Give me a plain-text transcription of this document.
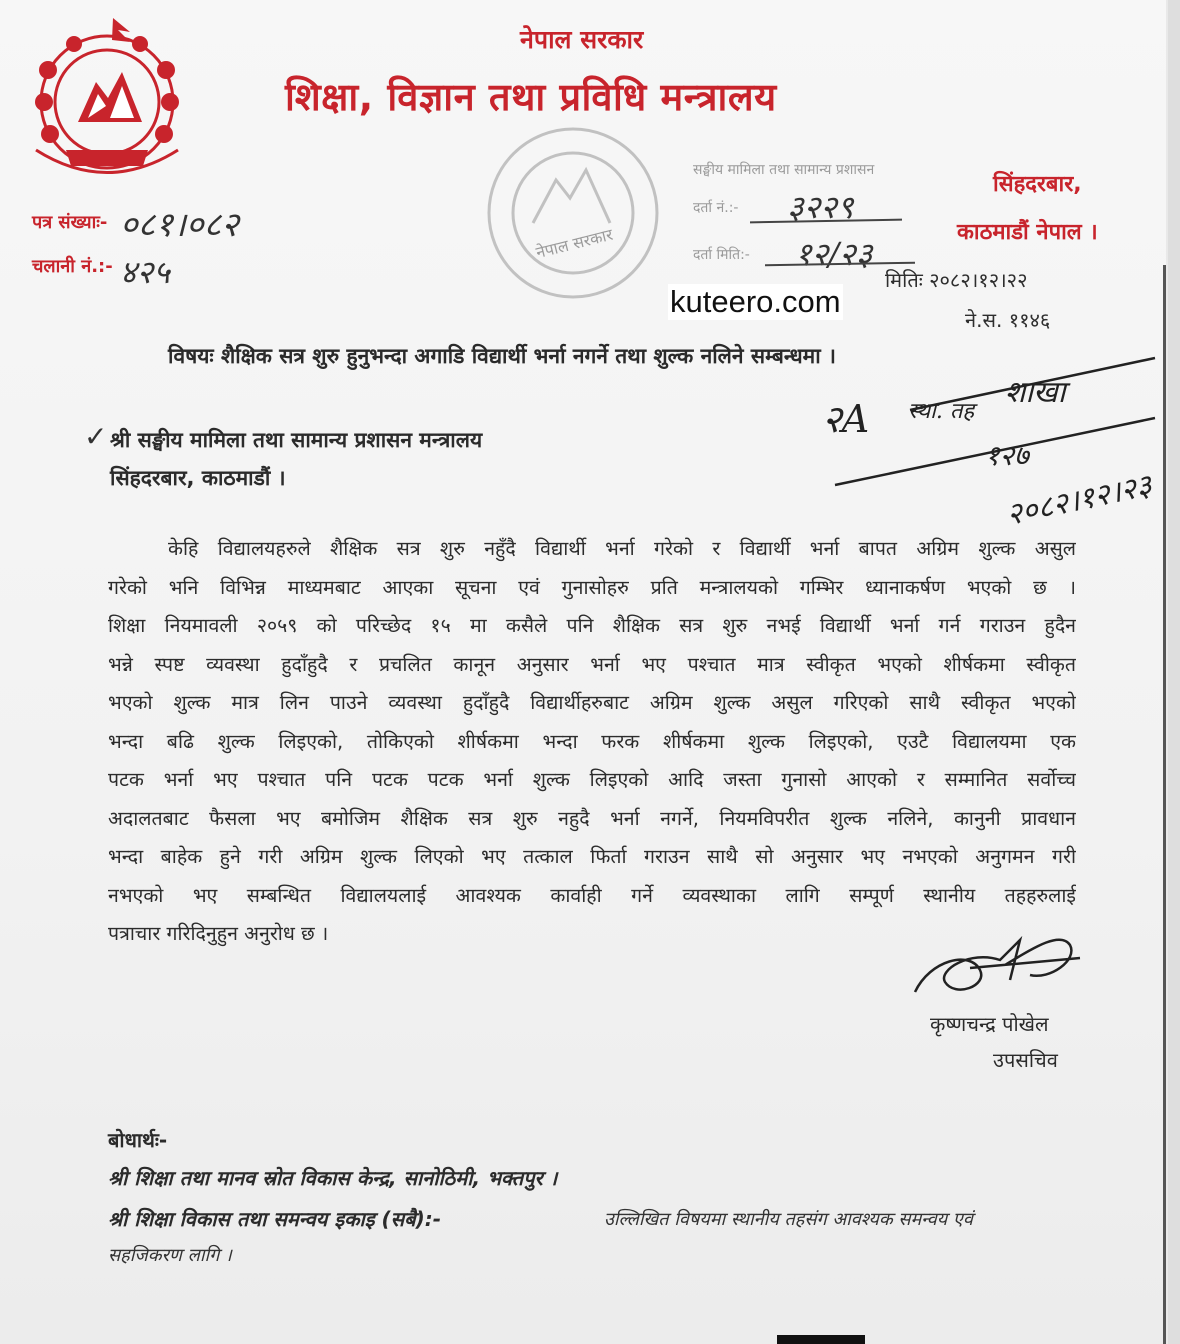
नेपाल सरकार
शिक्षा, विज्ञान तथा प्रविधि मन्त्रालय
सिंहदरबार,
काठमाडौं नेपाल ।
पत्र संख्याः- ०८१।०८२
चलानी नं.:- ४२५
नेपाल सरकार
सङ्घीय मामिला तथा सामान्य प्रशासन
दर्ता नं.:- ३२२९
दर्ता मिति:- १२/२३
मितिः २०८२।१२।२२
ने.स. ११४६
kuteero.com
विषयः शैक्षिक सत्र शुरु हुनुभन्दा अगाडि विद्यार्थी भर्ना नगर्ने तथा शुल्क नलिने सम्बन्धमा ।
✓ श्री सङ्घीय मामिला तथा सामान्य प्रशासन मन्त्रालय
सिंहदरबार, काठमाडौं ।
२A स्था. तह
शाखा
१२७
२०८२।१२।२३
केहि विद्यालयहरुले शैक्षिक सत्र शुरु नहुँदै विद्यार्थी भर्ना गरेको र विद्यार्थी भर्ना बापत अग्रिम शुल्क असुल
गरेको भनि विभिन्न माध्यमबाट आएका सूचना एवं गुनासोहरु प्रति मन्त्रालयको गम्भिर ध्यानाकर्षण भएको छ ।
शिक्षा नियमावली २०५९ को परिच्छेद १५ मा कसैले पनि शैक्षिक सत्र शुरु नभई विद्यार्थी भर्ना गर्न गराउन हुदैन
भन्ने स्पष्ट व्यवस्था हुदाँहुदै र प्रचलित कानून अनुसार भर्ना भए पश्चात मात्र स्वीकृत भएको शीर्षकमा स्वीकृत
भएको शुल्क मात्र लिन पाउने व्यवस्था हुदाँहुदै विद्यार्थीहरुबाट अग्रिम शुल्क असुल गरिएको साथै स्वीकृत भएको
भन्दा बढि शुल्क लिइएको, तोकिएको शीर्षकमा भन्दा फरक शीर्षकमा शुल्क लिइएको, एउटै विद्यालयमा एक
पटक भर्ना भए पश्चात पनि पटक पटक भर्ना शुल्क लिइएको आदि जस्ता गुनासो आएको र सम्मानित सर्वोच्च
अदालतबाट फैसला भए बमोजिम शैक्षिक सत्र शुरु नहुदै भर्ना नगर्ने, नियमविपरीत शुल्क नलिने, कानुनी प्रावधान
भन्दा बाहेक हुने गरी अग्रिम शुल्क लिएको भए तत्काल फिर्ता गराउन साथै सो अनुसार भए नभएको अनुगमन गरी
नभएको भए सम्बन्धित विद्यालयलाई आवश्यक कार्वाही गर्ने व्यवस्थाका लागि सम्पूर्ण स्थानीय तहहरुलाई
पत्राचार गरिदिनुहुन अनुरोध छ ।
कृष्णचन्द्र पोखेल
उपसचिव
बोधार्थः-
श्री शिक्षा तथा मानव स्रोत विकास केन्द्र, सानोठिमी, भक्तपुर ।
श्री शिक्षा विकास तथा समन्वय इकाइ (सबै):-	उल्लिखित विषयमा स्थानीय तहसंग आवश्यक समन्वय एवं
सहजिकरण लागि ।
